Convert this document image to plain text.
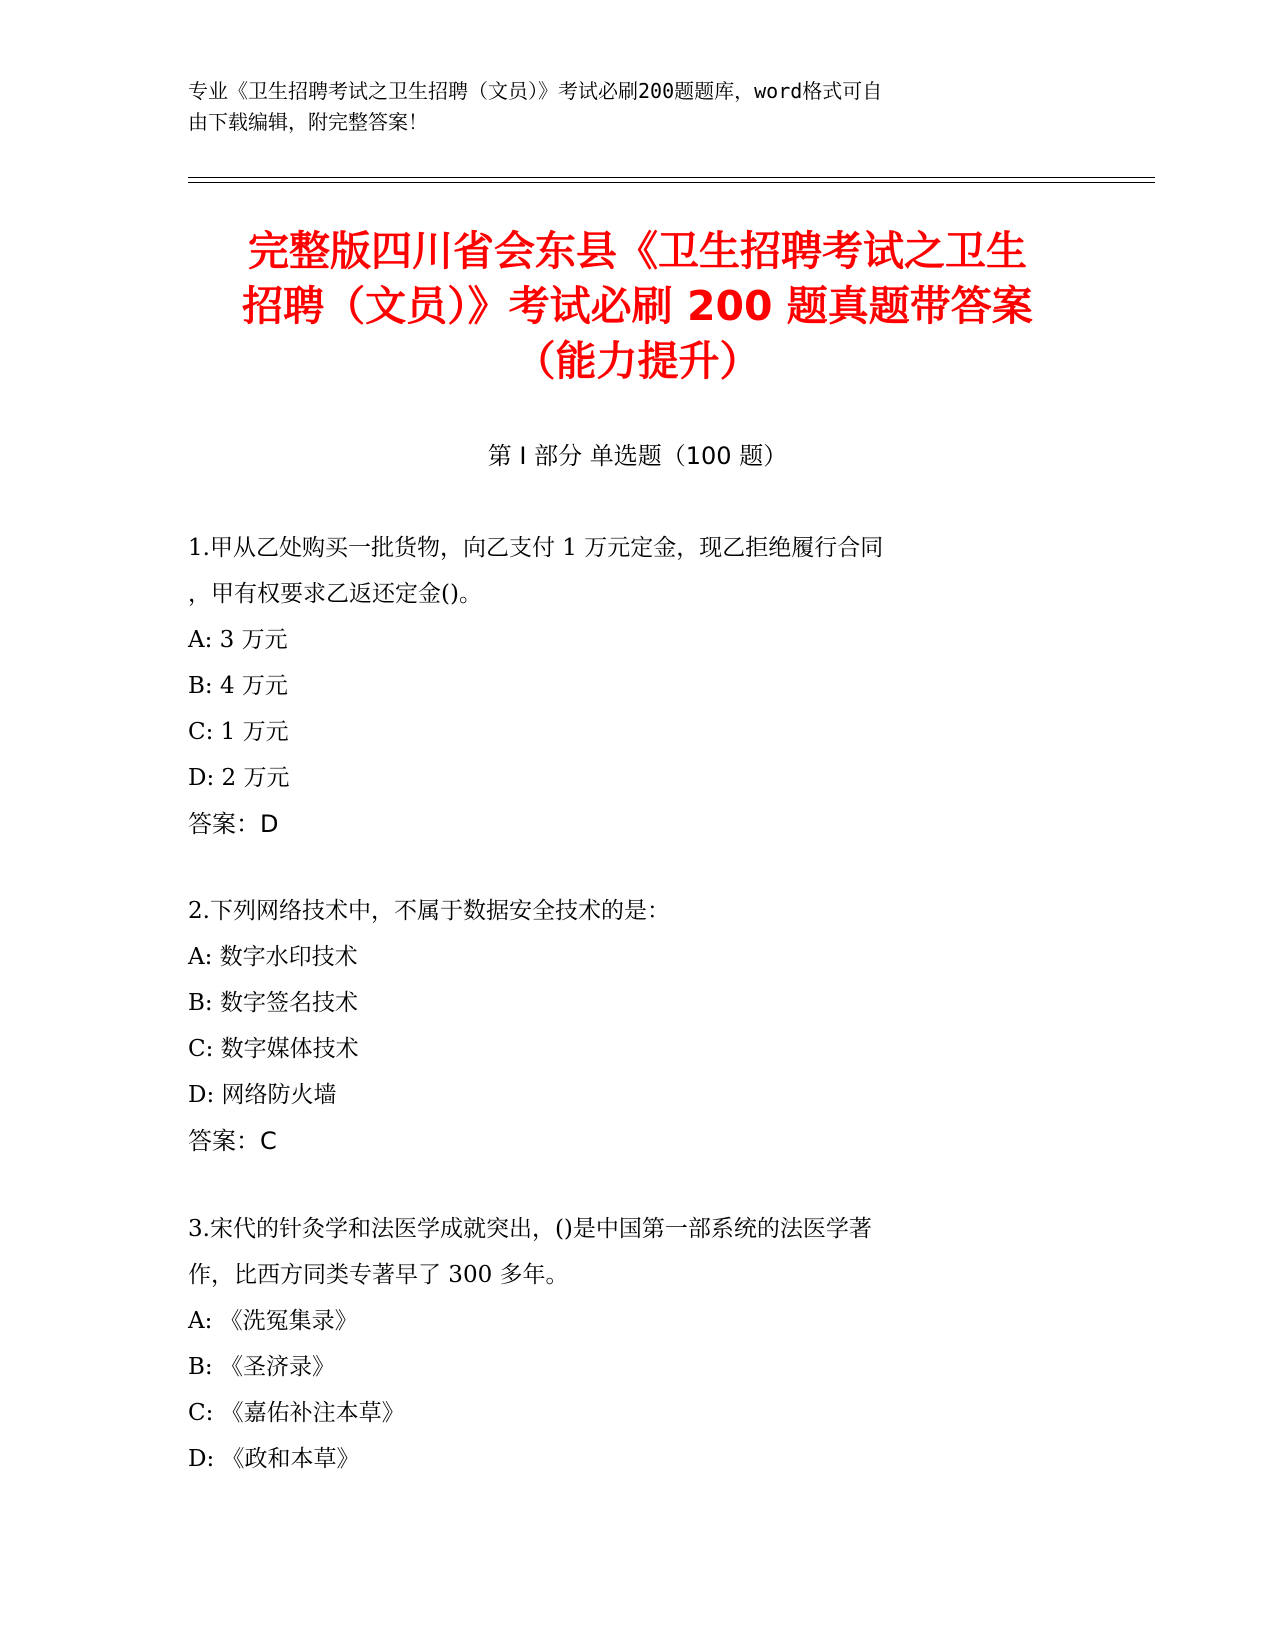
专业《卫生招聘考试之卫生招聘（文员）》考试必刷200题题库，word格式可自
由下载编辑，附完整答案！
完整版四川省会东县《卫生招聘考试之卫生
招聘（文员）》考试必刷 200 题真题带答案
（能力提升）
第 I 部分 单选题（100 题）
1.甲从乙处购买一批货物，向乙支付 1 万元定金，现乙拒绝履行合同
，甲有权要求乙返还定金()。
A: 3 万元
B: 4 万元
C: 1 万元
D: 2 万元
答案：D
2.下列网络技术中，不属于数据安全技术的是：
A: 数字水印技术
B: 数字签名技术
C: 数字媒体技术
D: 网络防火墙
答案：C
3.宋代的针灸学和法医学成就突出，()是中国第一部系统的法医学著
作，比西方同类专著早了 300 多年。
A: 《洗冤集录》
B: 《圣济录》
C: 《嘉佑补注本草》
D: 《政和本草》
